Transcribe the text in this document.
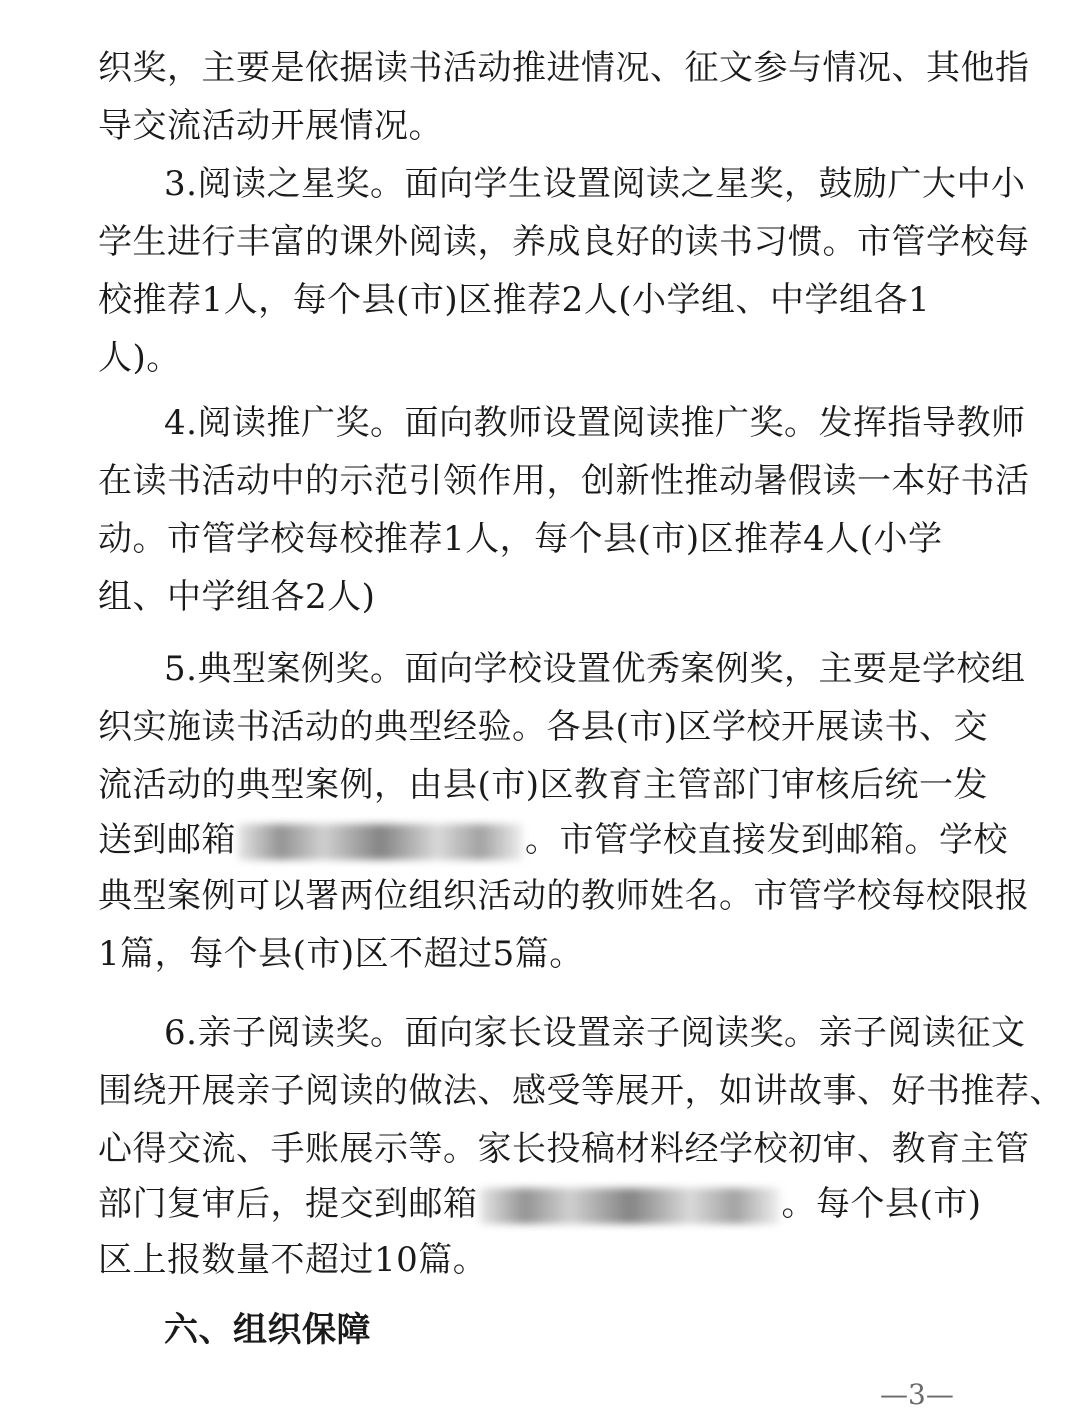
织奖，主要是依据读书活动推进情况、征文参与情况、其他指
导交流活动开展情况。
3.阅读之星奖。面向学生设置阅读之星奖，鼓励广大中小
学生进行丰富的课外阅读，养成良好的读书习惯。市管学校每
校推荐1人，每个县(市)区推荐2人(小学组、中学组各1
人)。
4.阅读推广奖。面向教师设置阅读推广奖。发挥指导教师
在读书活动中的示范引领作用，创新性推动暑假读一本好书活
动。市管学校每校推荐1人，每个县(市)区推荐4人(小学
组、中学组各2人)
5.典型案例奖。面向学校设置优秀案例奖，主要是学校组
织实施读书活动的典型经验。各县(市)区学校开展读书、交
流活动的典型案例，由县(市)区教育主管部门审核后统一发
送到邮箱	。市管学校直接发到邮箱。学校
典型案例可以署两位组织活动的教师姓名。市管学校每校限报
1篇，每个县(市)区不超过5篇。
6.亲子阅读奖。面向家长设置亲子阅读奖。亲子阅读征文
围绕开展亲子阅读的做法、感受等展开，如讲故事、好书推荐、
心得交流、手账展示等。家长投稿材料经学校初审、教育主管
部门复审后，提交到邮箱	。每个县(市)
区上报数量不超过10篇。
六、组织保障
—3—
